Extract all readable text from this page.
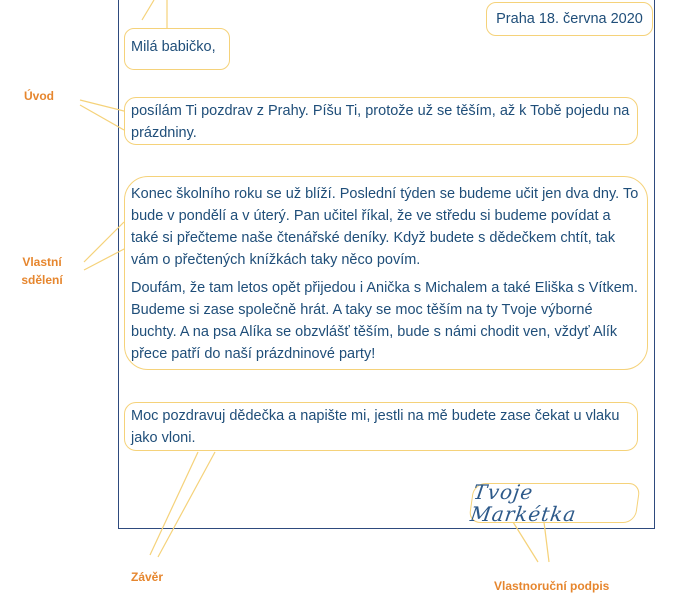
Praha 18. června 2020
Milá babičko,

posílám Ti pozdrav z Prahy. Píšu Ti, protože už se těším, až k Tobě pojedu na prázdniny.

Konec školního roku se už blíží. Poslední týden se budeme učit jen dva dny. To bude v pondělí a v úterý. Pan učitel říkal, že ve středu si budeme povídat a také si přečteme naše čtenářské deníky. Když budete s dědečkem chtít, tak vám o přečtených knížkách taky něco povím.

Doufám, že tam letos opět přijedou i Anička s Michalem a také Eliška s Vítkem. Budeme si zase společně hrát. A taky se moc těším na ty Tvoje výborné buchty. A na psa Alíka se obzvlášť těším, bude s námi chodit ven, vždyť Alík přece patří do naší prázdninové party!

Moc pozdravuj dědečka a napište mi, jestli na mě budete zase čekat u vlaku jako vloni.

Tvoje Markétka
Úvod
Vlastní
sdělení
Závěr
Vlastnoruční podpis
